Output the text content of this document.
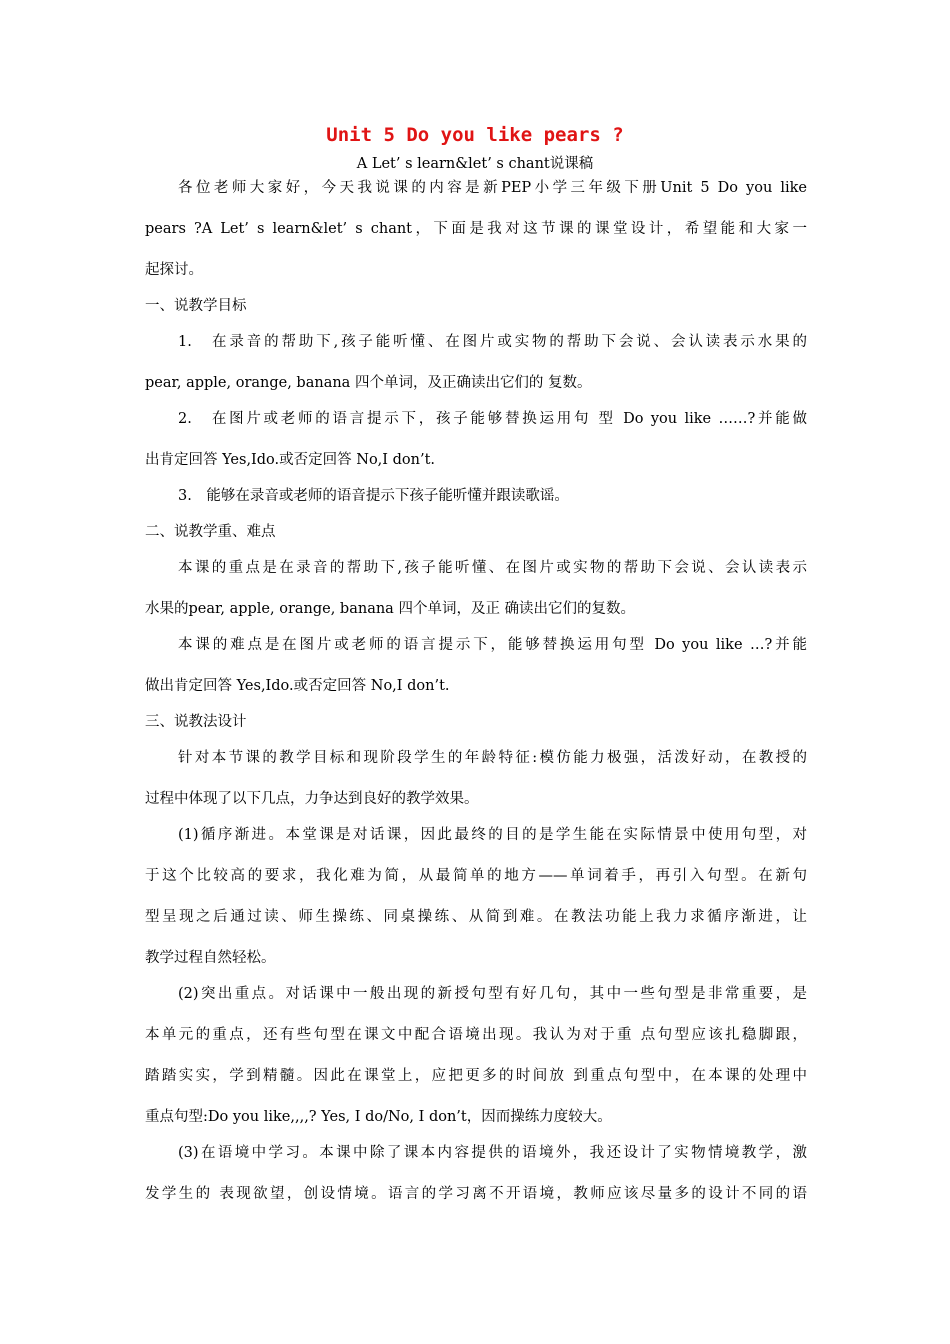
Unit 5 Do you like pears ?
A Let’ s learn&let’ s chant说课稿
各位老师大家好，今天我说课的内容是新PEP小学三年级下册Unit 5 Do you like
pears ?A Let’ s learn&let’ s chant，下面是我对这节课的课堂设计，希望能和大家一
起探讨。
一、说教学目标
1.　在录音的帮助下,孩子能听懂、在图片或实物的帮助下会说、会认读表示水果的
pear, apple, orange, banana 四个单词，及正确读出它们的 复数。
2.　在图片或老师的语言提示下，孩子能够替换运用句 型 Do you like ……?并能做
出肯定回答 Yes,Ido.或否定回答 No,I don’t.
3.　能够在录音或老师的语音提示下孩子能听懂并跟读歌谣。
二、说教学重、难点
本课的重点是在录音的帮助下,孩子能听懂、在图片或实物的帮助下会说、会认读表示
水果的pear, apple, orange, banana 四个单词，及正 确读出它们的复数。
本课的难点是在图片或老师的语言提示下，能够替换运用句型 Do you like …?并能
做出肯定回答 Yes,Ido.或否定回答 No,I don’t.
三、说教法设计
针对本节课的教学目标和现阶段学生的年龄特征:模仿能力极强，活泼好动，在教授的
过程中体现了以下几点，力争达到良好的教学效果。
(1)循序渐进。本堂课是对话课，因此最终的目的是学生能在实际情景中使用句型，对
于这个比较高的要求，我化难为简，从最简单的地方——单词着手，再引入句型。在新句
型呈现之后通过读、师生操练、同桌操练、从简到难。在教法功能上我力求循序渐进，让
教学过程自然轻松。
(2)突出重点。对话课中一般出现的新授句型有好几句，其中一些句型是非常重要，是
本单元的重点，还有些句型在课文中配合语境出现。我认为对于重 点句型应该扎稳脚跟，
踏踏实实，学到精髓。因此在课堂上，应把更多的时间放 到重点句型中，在本课的处理中
重点句型:Do you like,,,,? Yes, I do/No, I don’t，因而操练力度较大。
(3)在语境中学习。本课中除了课本内容提供的语境外，我还设计了实物情境教学，激
发学生的 表现欲望，创设情境。语言的学习离不开语境，教师应该尽量多的设计不同的语
